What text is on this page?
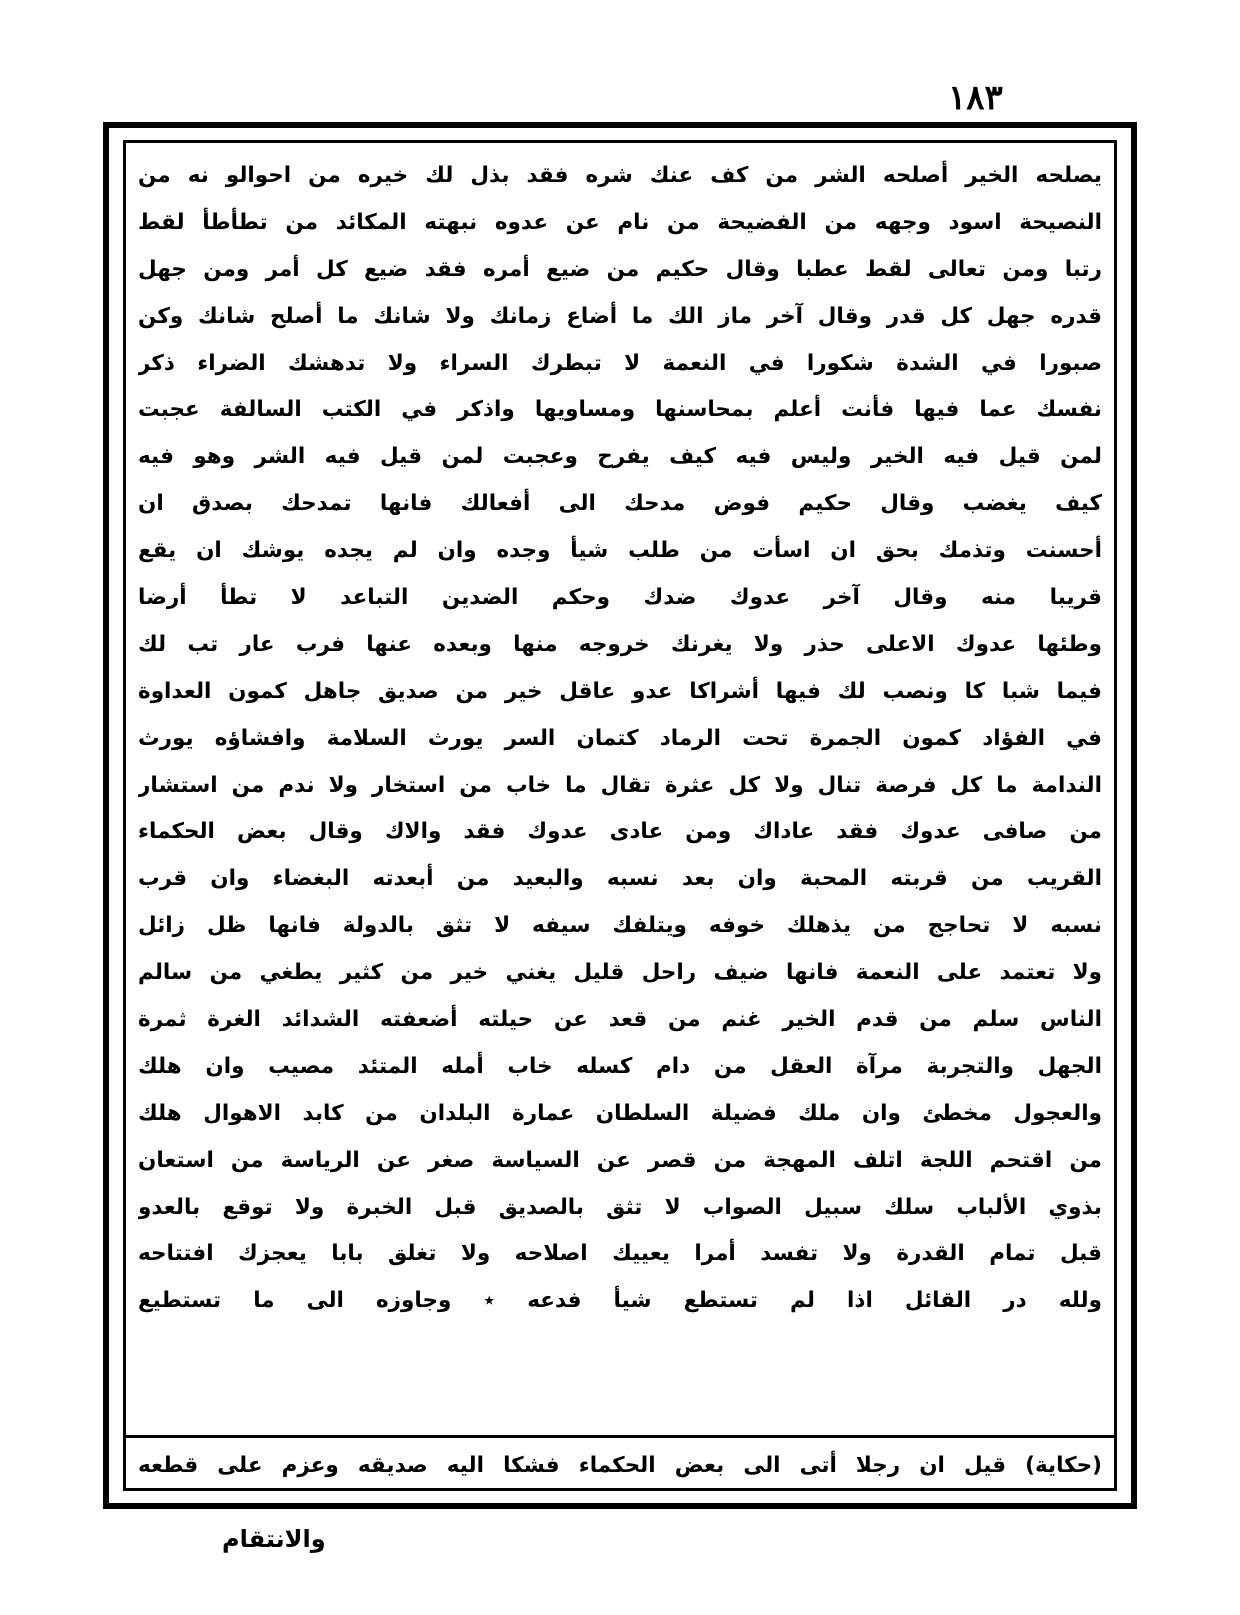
١٨٣
يصلحه الخير أصلحه الشر من كف عنك شره فقد بذل لك خيره من احوالو نه من
النصيحة اسود وجهه من الفضيحة من نام عن عدوه نبهته المكائد من تطأطأ لقط
رتبا ومن تعالى لقط عطبا وقال حكيم من ضيع أمره فقد ضيع كل أمر ومن جهل
قدره جهل كل قدر وقال آخر ماز الك ما أضاع زمانك ولا شانك ما أصلح شانك وكن
صبورا في الشدة شكورا في النعمة لا تبطرك السراء ولا تدهشك الضراء ذكر
نفسك عما فيها فأنت أعلم بمحاسنها ومساويها واذكر في الكتب السالفة عجبت
لمن قيل فيه الخير وليس فيه كيف يفرح وعجبت لمن قيل فيه الشر وهو فيه
كيف يغضب وقال حكيم فوض مدحك الى أفعالك فانها تمدحك بصدق ان
أحسنت وتذمك بحق ان اسأت من طلب شيأ وجده وان لم يجده يوشك ان يقع
قريبا منه وقال آخر عدوك ضدك وحكم الضدين التباعد لا تطأ أرضا
وطئها عدوك الاعلى حذر ولا يغرنك خروجه منها وبعده عنها فرب عار تب لك
فيما شبا كا ونصب لك فيها أشراكا عدو عاقل خير من صديق جاهل كمون العداوة
في الفؤاد كمون الجمرة تحت الرماد كتمان السر يورث السلامة وافشاؤه يورث
الندامة ما كل فرصة تنال ولا كل عثرة تقال ما خاب من استخار ولا ندم من استشار
من صافى عدوك فقد عاداك ومن عادى عدوك فقد والاك وقال بعض الحكماء
القريب من قربته المحبة وان بعد نسبه والبعيد من أبعدته البغضاء وان قرب
نسبه لا تحاجج من يذهلك خوفه ويتلفك سيفه لا تثق بالدولة فانها ظل زائل
ولا تعتمد على النعمة فانها ضيف راحل قليل يغني خير من كثير يطغي من سالم
الناس سلم من قدم الخير غنم من قعد عن حيلته أضعفته الشدائد الغرة ثمرة
الجهل والتجربة مرآة العقل من دام كسله خاب أمله المتئد مصيب وان هلك
والعجول مخطئ وان ملك فضيلة السلطان عمارة البلدان من كابد الاهوال هلك
من اقتحم اللجة اتلف المهجة من قصر عن السياسة صغر عن الرياسة من استعان
بذوي الألباب سلك سبيل الصواب لا تثق بالصديق قبل الخبرة ولا توقع بالعدو
قبل تمام القدرة ولا تفسد أمرا يعييك اصلاحه ولا تغلق بابا يعجزك افتتاحه
ولله در القائل اذا لم تستطع شيأ فدعه ٭ وجاوزه الى ما تستطيع
(حكاية) قيل ان رجلا أتى الى بعض الحكماء فشكا اليه صديقه وعزم على قطعه
والانتقام
